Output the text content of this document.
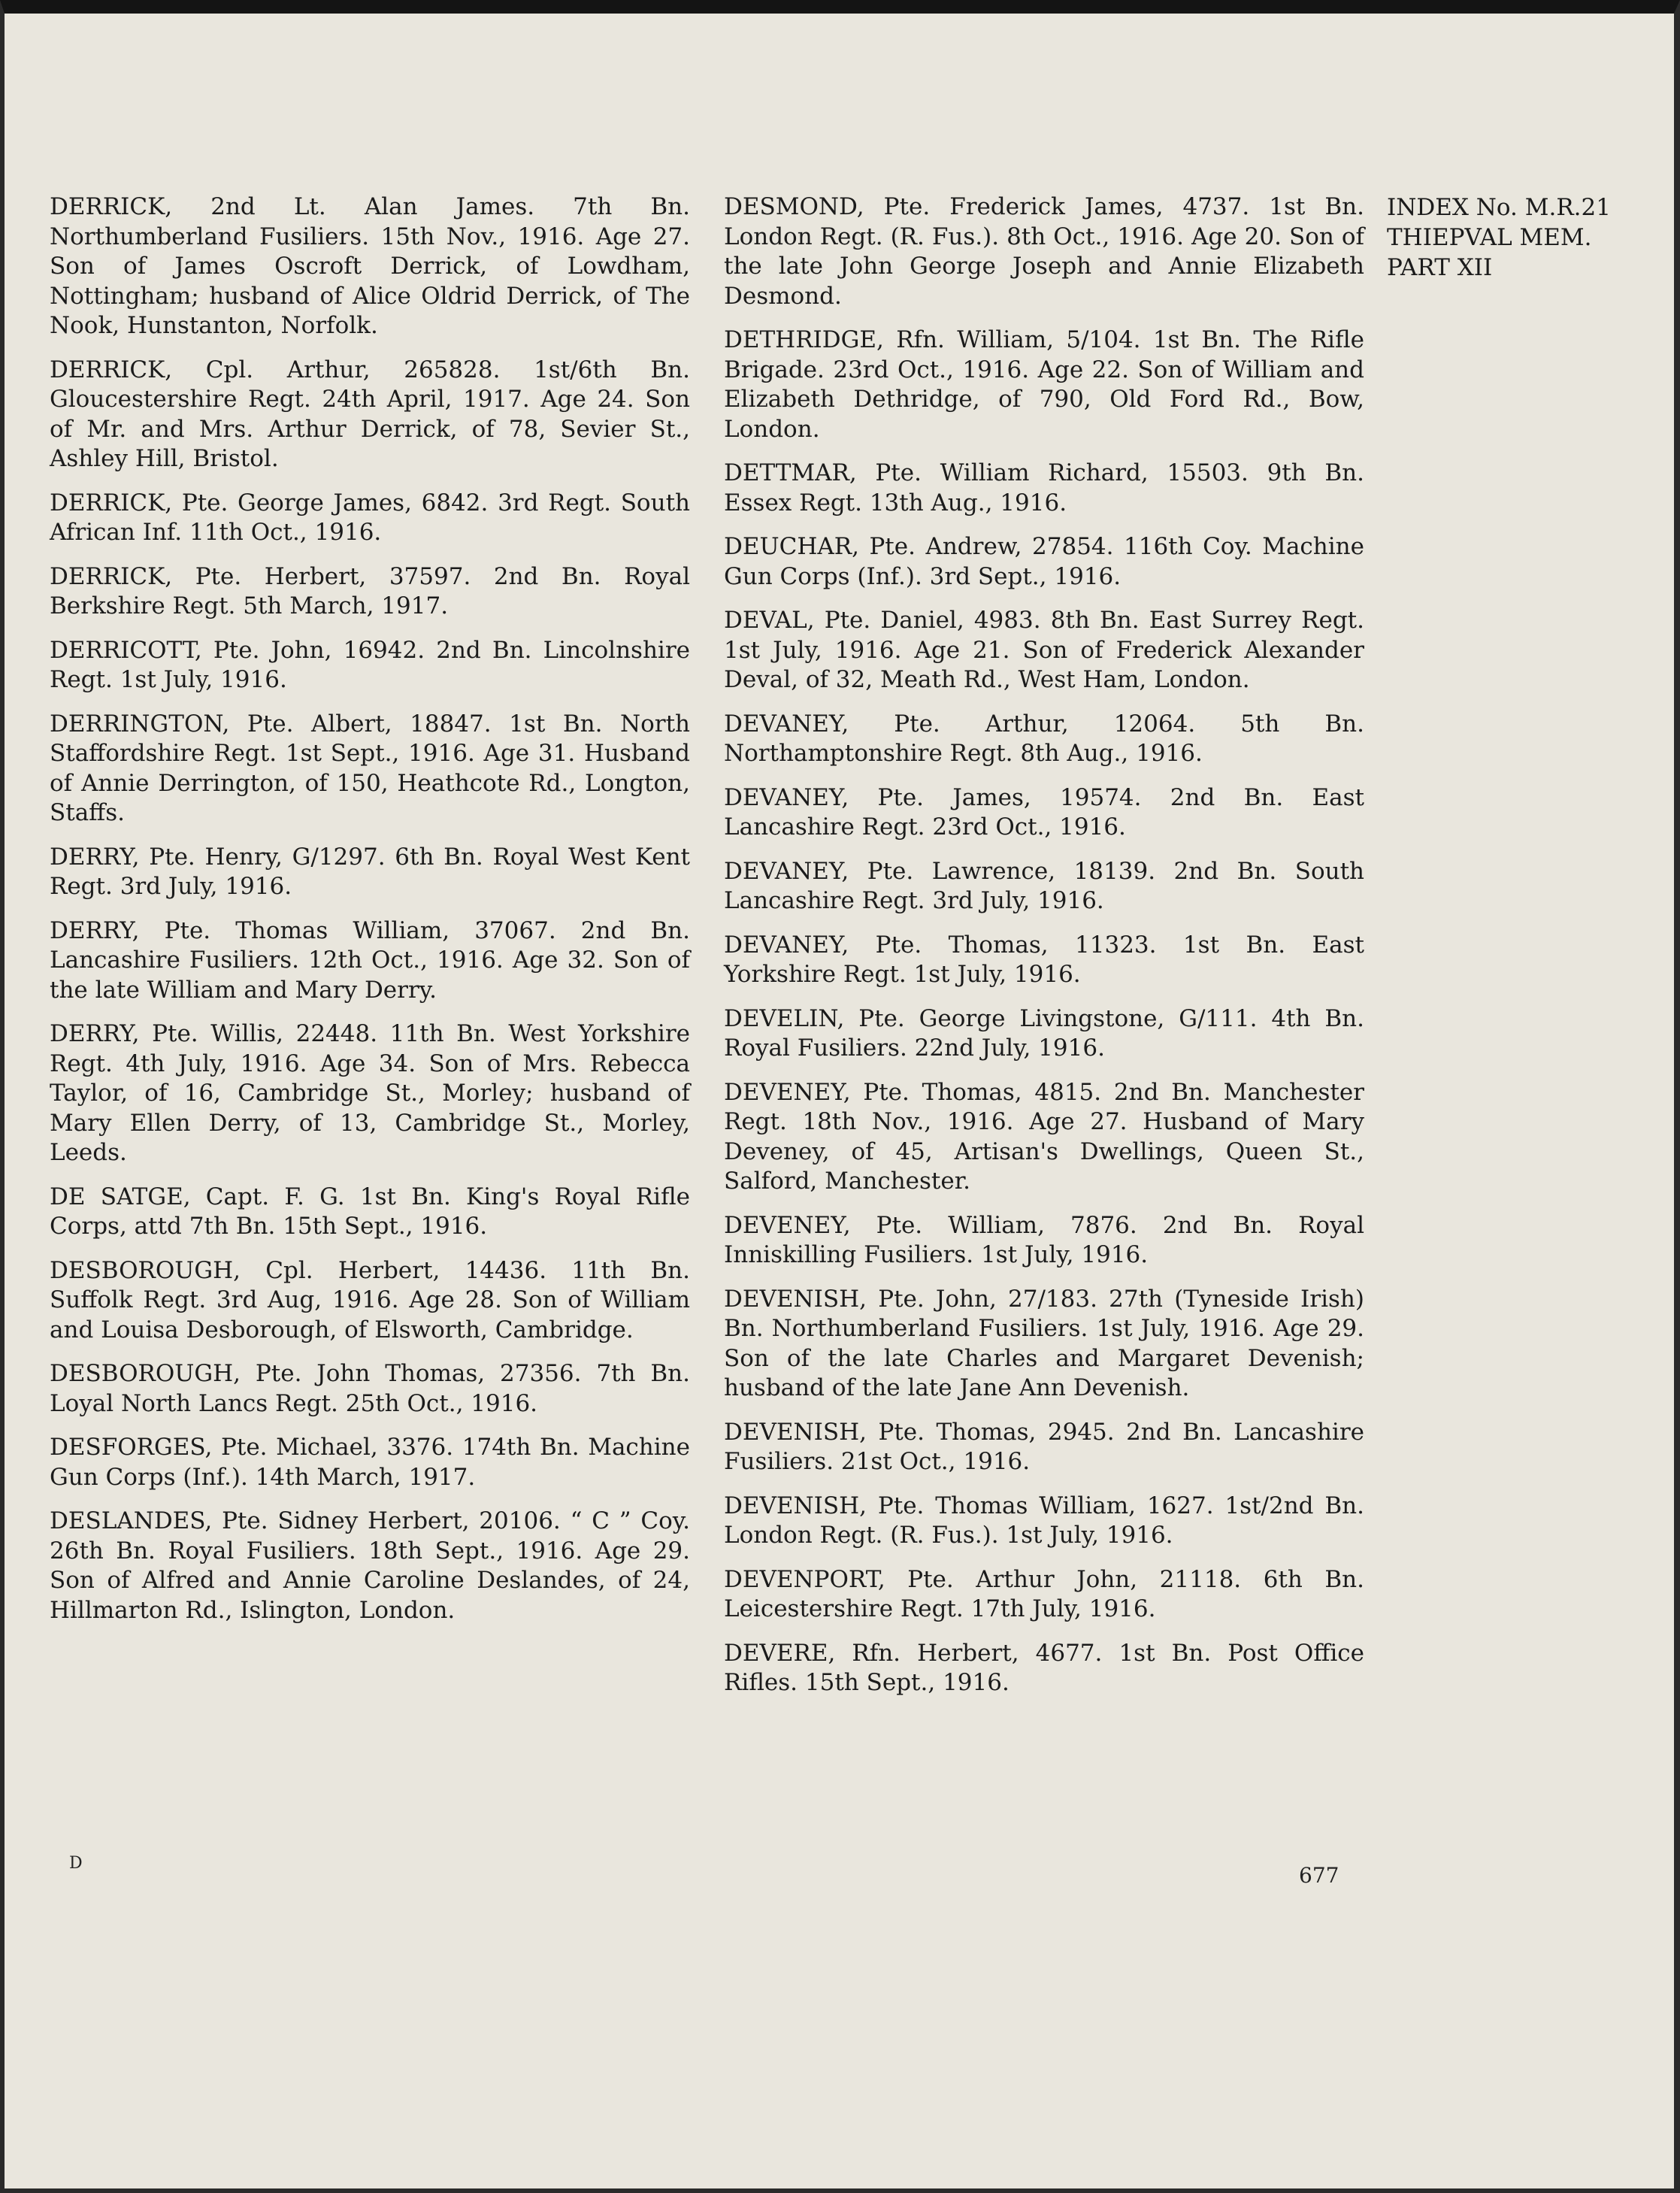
DERRICK, 2nd Lt. Alan James. 7th Bn. Northumberland Fusiliers. 15th Nov., 1916. Age 27. Son of James Oscroft Derrick, of Lowdham, Nottingham; husband of Alice Oldrid Derrick, of The Nook, Hunstanton, Norfolk.

DERRICK, Cpl. Arthur, 265828. 1st/6th Bn. Gloucestershire Regt. 24th April, 1917. Age 24. Son of Mr. and Mrs. Arthur Derrick, of 78, Sevier St., Ashley Hill, Bristol.

DERRICK, Pte. George James, 6842. 3rd Regt. South African Inf. 11th Oct., 1916.

DERRICK, Pte. Herbert, 37597. 2nd Bn. Royal Berkshire Regt. 5th March, 1917.

DERRICOTT, Pte. John, 16942. 2nd Bn. Lincolnshire Regt. 1st July, 1916.

DERRINGTON, Pte. Albert, 18847. 1st Bn. North Staffordshire Regt. 1st Sept., 1916. Age 31. Husband of Annie Derrington, of 150, Heathcote Rd., Longton, Staffs.

DERRY, Pte. Henry, G/1297. 6th Bn. Royal West Kent Regt. 3rd July, 1916.

DERRY, Pte. Thomas William, 37067. 2nd Bn. Lancashire Fusiliers. 12th Oct., 1916. Age 32. Son of the late William and Mary Derry.

DERRY, Pte. Willis, 22448. 11th Bn. West Yorkshire Regt. 4th July, 1916. Age 34. Son of Mrs. Rebecca Taylor, of 16, Cambridge St., Morley; husband of Mary Ellen Derry, of 13, Cambridge St., Morley, Leeds.

DE SATGE, Capt. F. G. 1st Bn. King's Royal Rifle Corps, attd 7th Bn. 15th Sept., 1916.

DESBOROUGH, Cpl. Herbert, 14436. 11th Bn. Suffolk Regt. 3rd Aug, 1916. Age 28. Son of William and Louisa Desborough, of Elsworth, Cambridge.

DESBOROUGH, Pte. John Thomas, 27356. 7th Bn. Loyal North Lancs Regt. 25th Oct., 1916.

DESFORGES, Pte. Michael, 3376. 174th Bn. Machine Gun Corps (Inf.). 14th March, 1917.

DESLANDES, Pte. Sidney Herbert, 20106. “ C ” Coy. 26th Bn. Royal Fusiliers. 18th Sept., 1916. Age 29. Son of Alfred and Annie Caroline Deslandes, of 24, Hillmarton Rd., Islington, London.

DESMOND, Pte. Frederick James, 4737. 1st Bn. London Regt. (R. Fus.). 8th Oct., 1916. Age 20. Son of the late John George Joseph and Annie Elizabeth Desmond.

DETHRIDGE, Rfn. William, 5/104. 1st Bn. The Rifle Brigade. 23rd Oct., 1916. Age 22. Son of William and Elizabeth Dethridge, of 790, Old Ford Rd., Bow, London.

DETTMAR, Pte. William Richard, 15503. 9th Bn. Essex Regt. 13th Aug., 1916.

DEUCHAR, Pte. Andrew, 27854. 116th Coy. Machine Gun Corps (Inf.). 3rd Sept., 1916.

DEVAL, Pte. Daniel, 4983. 8th Bn. East Surrey Regt. 1st July, 1916. Age 21. Son of Frederick Alexander Deval, of 32, Meath Rd., West Ham, London.

DEVANEY, Pte. Arthur, 12064. 5th Bn. Northamptonshire Regt. 8th Aug., 1916.

DEVANEY, Pte. James, 19574. 2nd Bn. East Lancashire Regt. 23rd Oct., 1916.

DEVANEY, Pte. Lawrence, 18139. 2nd Bn. South Lancashire Regt. 3rd July, 1916.

DEVANEY, Pte. Thomas, 11323. 1st Bn. East Yorkshire Regt. 1st July, 1916.

DEVELIN, Pte. George Livingstone, G/111. 4th Bn. Royal Fusiliers. 22nd July, 1916.

DEVENEY, Pte. Thomas, 4815. 2nd Bn. Manchester Regt. 18th Nov., 1916. Age 27. Husband of Mary Deveney, of 45, Artisan's Dwellings, Queen St., Salford, Manchester.

DEVENEY, Pte. William, 7876. 2nd Bn. Royal Inniskilling Fusiliers. 1st July, 1916.

DEVENISH, Pte. John, 27/183. 27th (Tyneside Irish) Bn. Northumberland Fusiliers. 1st July, 1916. Age 29. Son of the late Charles and Margaret Devenish; husband of the late Jane Ann Devenish.

DEVENISH, Pte. Thomas, 2945. 2nd Bn. Lancashire Fusiliers. 21st Oct., 1916.

DEVENISH, Pte. Thomas William, 1627. 1st/2nd Bn. London Regt. (R. Fus.). 1st July, 1916.

DEVENPORT, Pte. Arthur John, 21118. 6th Bn. Leicestershire Regt. 17th July, 1916.

DEVERE, Rfn. Herbert, 4677. 1st Bn. Post Office Rifles. 15th Sept., 1916.

INDEX No. M.R.21
THIEPVAL MEM.
PART XII
D	677
